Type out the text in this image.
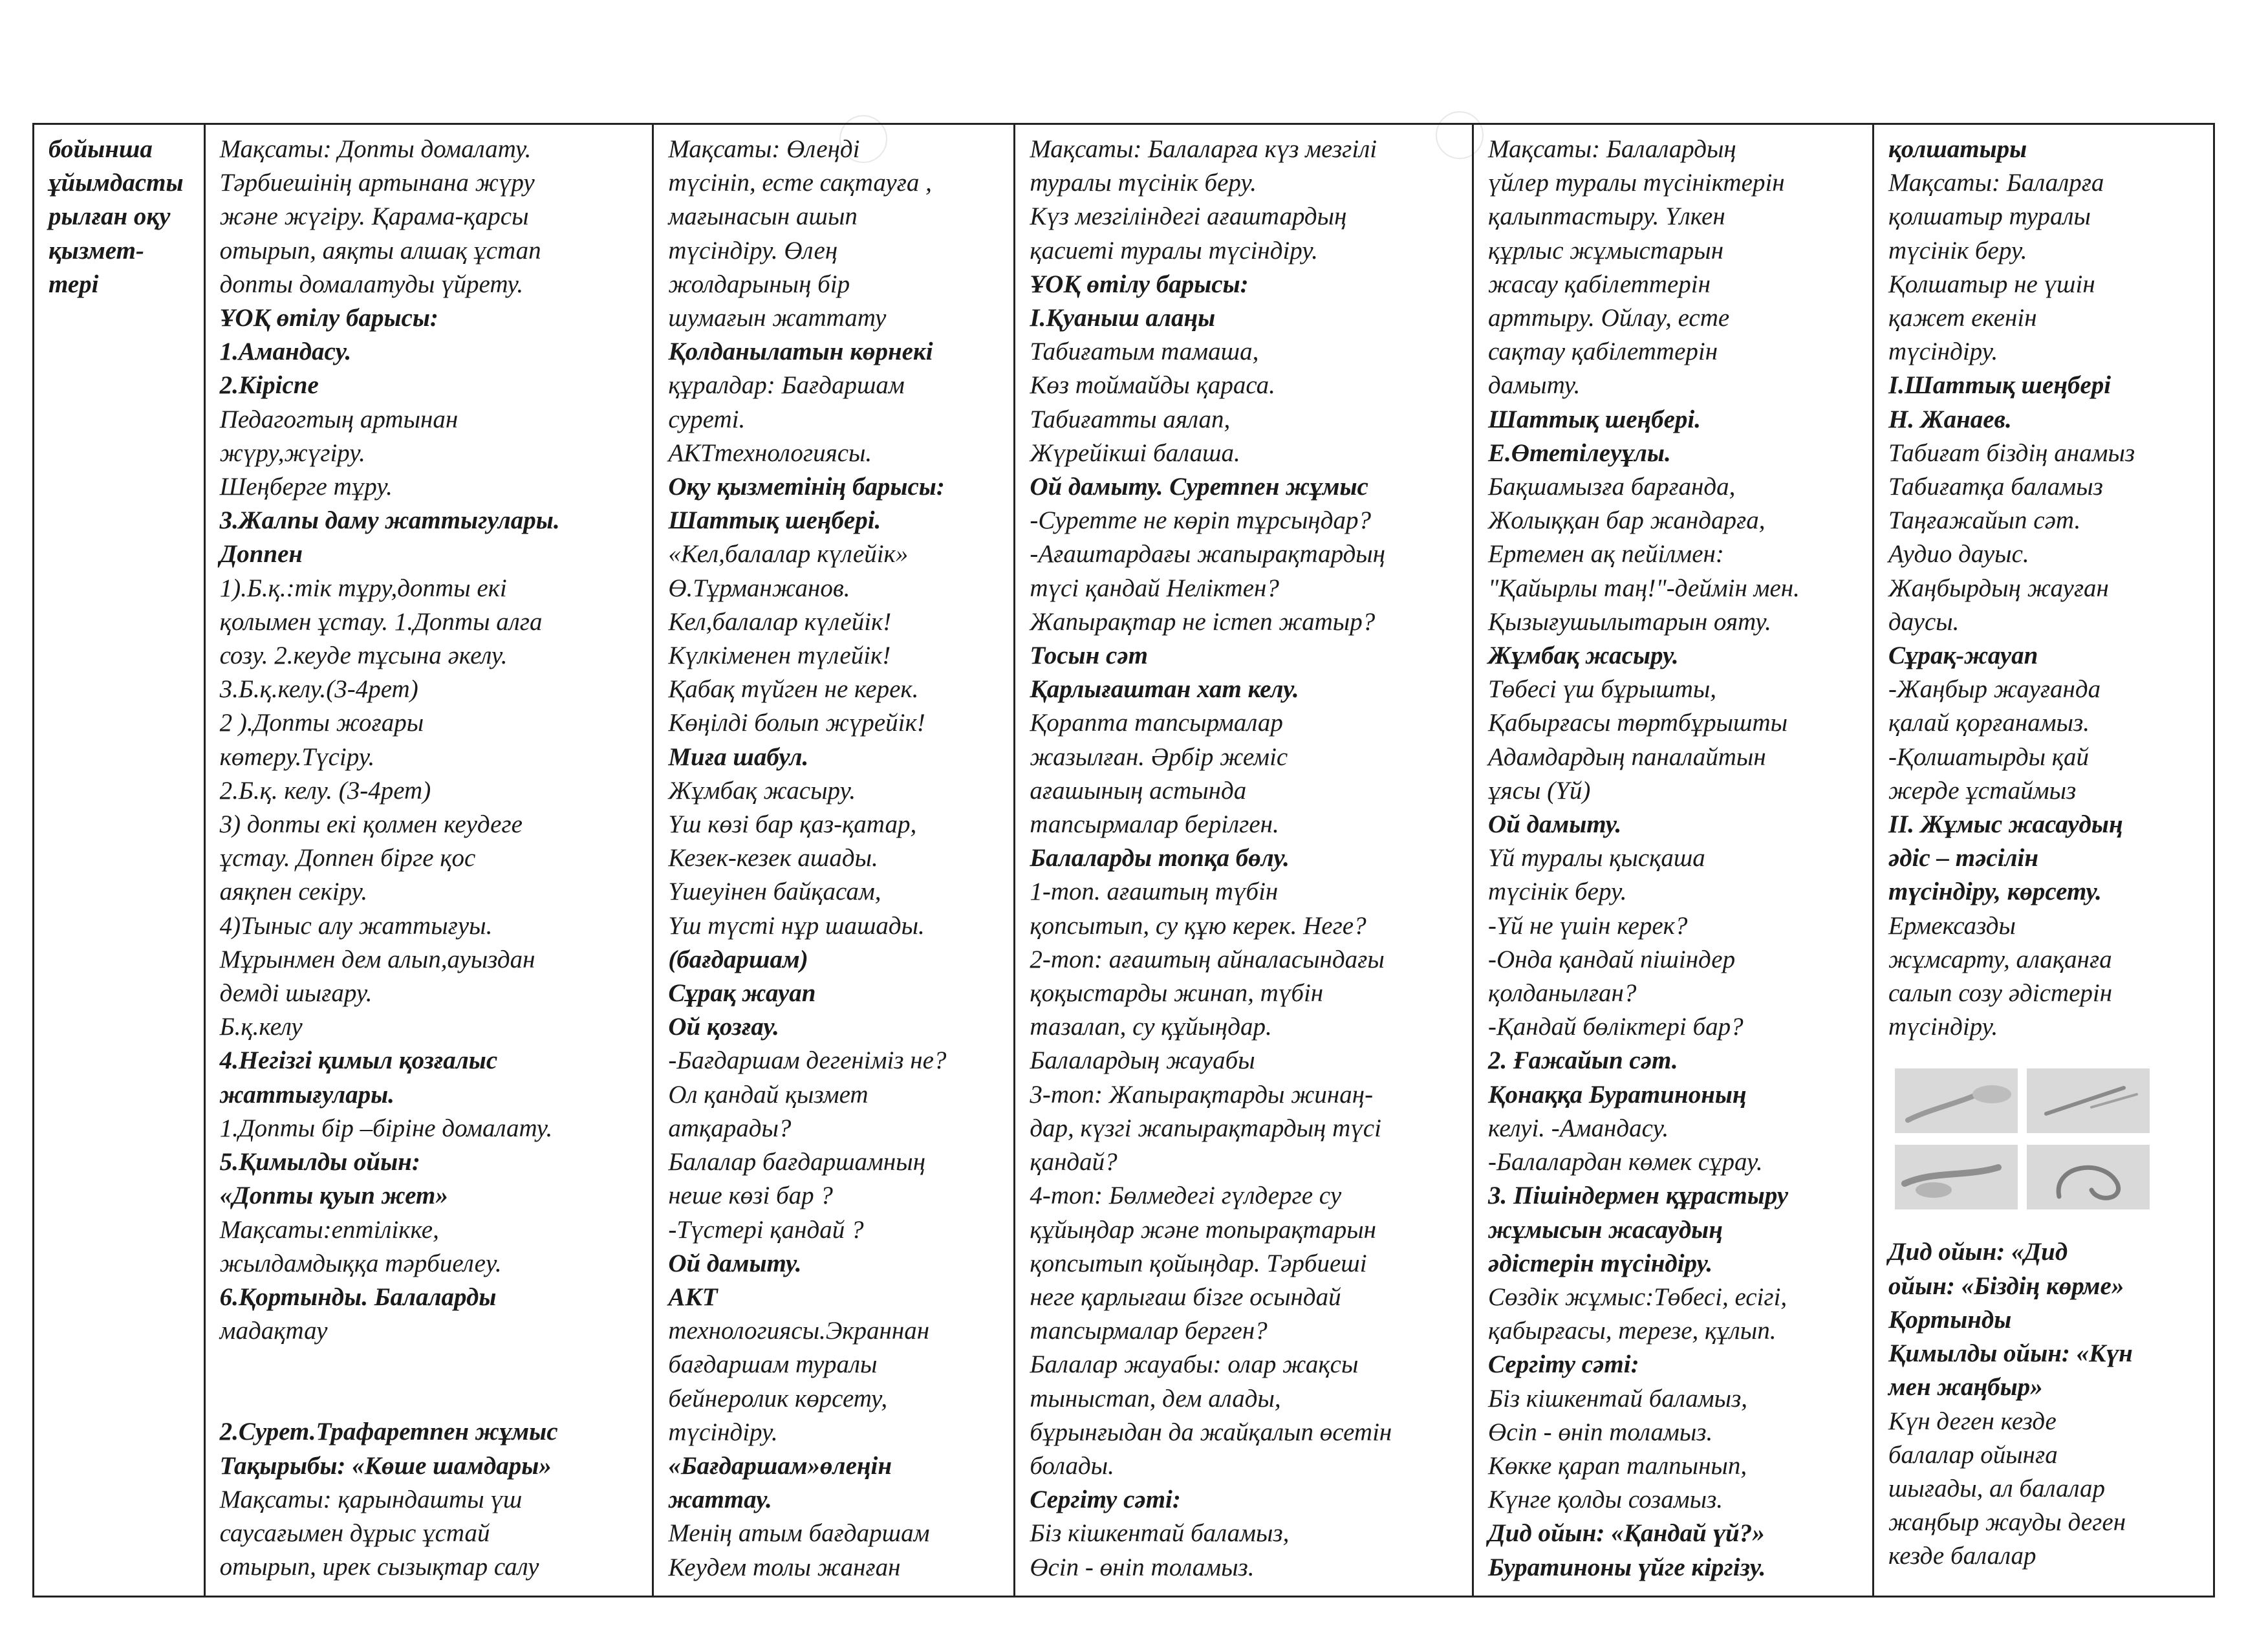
бойынша
ұйымдасты
рылған оқу
қызмет-
тері
Мақсаты: Допты домалату.
Тәрбиешінің артынана жүру
және жүгіру. Қарама-қарсы
отырып, аяқты алшақ ұстап
допты домалатуды үйрету.
ҰОҚ өтілу барысы:
1.Амандасу.
2.Кіріспе
Педагогтың артынан
жүру,жүгіру.
Шеңберге тұру.
3.Жалпы даму жаттыгулары.
Доппен
1).Б.қ.:тік тұру,допты екі
қолымен ұстау. 1.Допты алга
созу. 2.кеуде тұсына әкелу.
3.Б.қ.келу.(3-4рет)
2 ).Допты жоғары
көтеру.Түсіру.
2.Б.қ. келу. (3-4рет)
3) допты екі қолмен кеудеге
ұстау. Доппен бірге қос
аяқпен секіру.
4)Тыныс алу жаттығуы.
Мұрынмен дем алып,ауыздан
демді шығару.
Б.қ.келу
4.Негізгі қимыл қозғалыс
жаттығулары.
1.Допты бір –біріне домалату.
5.Қимылды ойын:
«Допты қуып жет»
Мақсаты:ептілікке,
жылдамдыққа тәрбиелеу.
6.Қортынды. Балаларды
мадақтау
2.Сурет.Трафаретпен жұмыс
Тақырыбы: «Көше шамдары»
Мақсаты: қарындашты үш
саусағымен дұрыс ұстай
отырып, ирек сызықтар салу
Мақсаты: Өлеңді
түсініп, есте сақтауға ,
мағынасын ашып
түсіндіру. Өлең
жолдарының бір
шумағын жаттату
Қолданылатын көрнекі
құралдар: Бағдаршам
суреті.
АКТтехнологиясы.
Оқу қызметінің барысы:
Шаттық шеңбері.
«Кел,балалар күлейік»
Ө.Тұрманжанов.
Кел,балалар күлейік!
Күлкіменен түлейік!
Қабақ түйген не керек.
Көңілді болып жүрейік!
Миға шабул.
Жұмбақ жасыру.
Үш көзі бар қаз-қатар,
Кезек-кезек ашады.
Үшеуінен байқасам,
Үш түсті нұр шашады.
(бағдаршам)
Сұрақ жауап
Ой қозғау.
-Бағдаршам дегеніміз не?
Ол қандай қызмет
атқарады?
Балалар бағдаршамның
неше көзі бар ?
-Түстері қандай ?
Ой дамыту.
АКТ
технологиясы.Экраннан
бағдаршам туралы
бейнеролик көрсету,
түсіндіру.
«Бағдаршам»өлеңін
жаттау.
Менің атым бағдаршам
Кеудем толы жанған
Мақсаты: Балаларға күз мезгілі
туралы түсінік беру.
Күз мезгіліндегі ағаштардың
қасиеті туралы түсіндіру.
ҰОҚ өтілу барысы:
І.Қуаныш алаңы
Табиғатым тамаша,
Көз тоймайды қараса.
Табиғатты аялап,
Жүрейікші балаша.
Ой дамыту. Суретпен жұмыс
-Суретте не көріп тұрсыңдар?
-Ағаштардағы жапырақтардың
түсі қандай Неліктен?
Жапырақтар не істеп жатыр?
Тосын сәт
Қарлығаштан хат келу.
Қорапта тапсырмалар
жазылған. Әрбір жеміс
ағашының астында
тапсырмалар берілген.
Балаларды топқа бөлу.
1-топ. ағаштың түбін
қопсытып, су құю керек. Неге?
2-топ: ағаштың айналасындағы
қоқыстарды жинап, түбін
тазалап, су құйыңдар.
Балалардың жауабы
3-топ: Жапырақтарды жинаң-
дар, күзгі жапырақтардың түсі
қандай?
4-топ: Бөлмедегі гүлдерге су
құйыңдар және топырақтарын
қопсытып қойыңдар. Тәрбиеші
неге қарлығаш бізге осындай
тапсырмалар берген?
Балалар жауабы: олар жақсы
тыныстап, дем алады,
бұрынғыдан да жайқалып өсетін
болады.
Сергіту сәті:
Біз кішкентай баламыз,
Өсіп - өніп толамыз.
Мақсаты: Балалардың
үйлер туралы түсініктерін
қалыптастыру. Үлкен
құрлыс жұмыстарын
жасау қабілеттерін
арттыру. Ойлау, есте
сақтау қабілеттерін
дамыту.
Шаттық шеңбері.
Е.Өтетілеуұлы.
Бақшамызға барғанда,
Жолыққан бар жандарға,
Ертемен ақ пейілмен:
"Қайырлы таң!"-деймін мен.
Қызығушылытарын ояту.
Жұмбақ жасыру.
Төбесі үш бұрышты,
Қабырғасы төртбұрышты
Адамдардың паналайтын
ұясы (Үй)
Ой дамыту.
Үй туралы қысқаша
түсінік беру.
-Үй не үшін керек?
-Онда қандай пішіндер
қолданылған?
-Қандай бөліктері бар?
2. Ғажайып сәт.
Қонаққа Буратиноның
келуі. -Амандасу.
-Балалардан көмек сұрау.
3. Пішіндермен құрастыру
жұмысын жасаудың
әдістерін түсіндіру.
Сөздік жұмыс:Төбесі, есігі,
қабырғасы, терезе, құлып.
Сергіту сәті:
Біз кішкентай баламыз,
Өсіп - өніп толамыз.
Көкке қарап талпынып,
Күнге қолды созамыз.
Дид ойын: «Қандай үй?»
Буратиноны үйге кіргізу.
қолшатыры
Мақсаты: Балалрға
қолшатыр туралы
түсінік беру.
Қолшатыр не үшін
қажет екенін
түсіндіру.
І.Шаттық шеңбері
Н. Жанаев.
Табиғат біздің анамыз
Табиғатқа баламыз
Таңғажайып сәт.
Аудио дауыс.
Жаңбырдың жауған
даусы.
Сұрақ-жауап
-Жаңбыр жауғанда
қалай қорғанамыз.
-Қолшатырды қай
жерде ұстаймыз
ІІ. Жұмыс жасаудың
әдіс – тәсілін
түсіндіру, көрсету.
Ермексазды
жұмсарту, алақанға
салып созу әдістерін
түсіндіру.
Дид ойын: «Дид
ойын: «Біздің көрме»
Қортынды
Қимылды ойын: «Күн
мен жаңбыр»
Күн деген кезде
балалар ойынға
шығады, ал балалар
жаңбыр жауды деген
кезде балалар
